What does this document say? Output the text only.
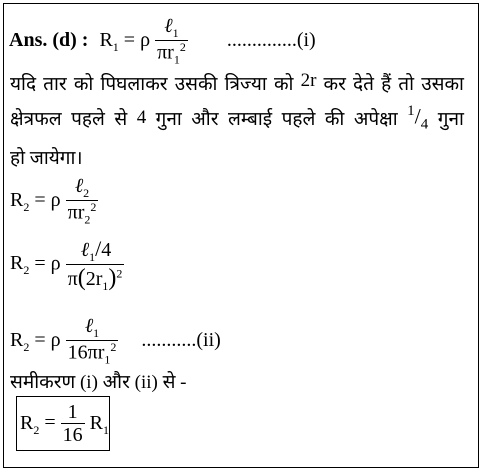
Ans. (d) : $R_1 = \rho \frac{\ell_1}{\pi r_1^2} ..............(i)$
यदि तार को पिघलाकर उसकी त्रिज्या को 2r कर देते हैं तो उसका
क्षेत्रफल पहले से 4 गुना और लम्बाई पहले की अपेक्षा $^1/_4$ गुना
हो जायेगा।
$R_2 = \rho \frac{\ell_2}{\pi r_2^2}$
$R_2 = \rho \frac{\ell_1/4}{\pi(2r_1)^2}$
$R_2 = \rho \frac{\ell_1}{16\pi r_1^2} ...........(ii)$
समीकरण (i) और (ii) से -
$R_2 = \frac{1}{16} R_1$
